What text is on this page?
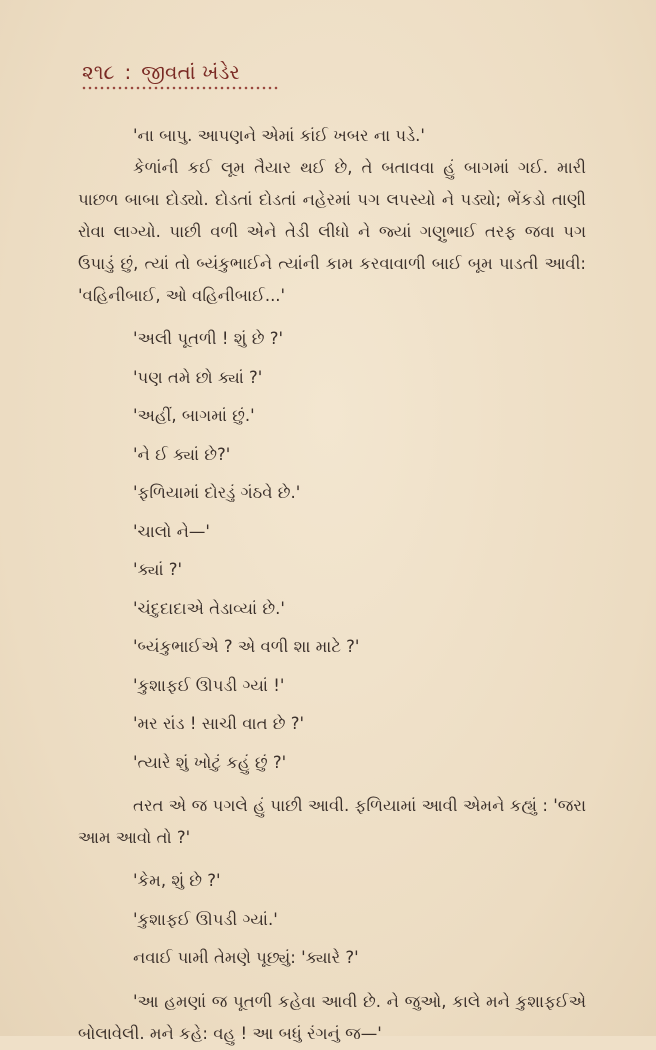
૨૧૮ : જીવતાં ખંડેર

'ના બાપુ. આપણને એમાં કાંઈ ખબર ના પડે.'

કેળાંની કઈ લૂમ તૈયાર થઈ છે, તે બતાવવા હું બાગમાં ગઈ. મારી પાછળ બાબા દોડ્યો. દોડતાં દોડતાં નહેરમાં પગ લપસ્યો ને પડ્યો; ભેંકડો તાણી રોવા લાગ્યો. પાછી વળી એને તેડી લીધો ને જ્યાં ગણુભાઈ તરફ જવા પગ ઉપાડું છું, ત્યાં તો બ્યંકુભાઈને ત્યાંની કામ કરવાવાળી બાઈ બૂમ પાડતી આવી: 'વહિનીબાઈ, ઓ વહિનીબાઈ...'

'અલી પૂતળી ! શું છે ?'

'પણ તમે છો ક્યાં ?'

'અહીં, બાગમાં છું.'

'ને ઈ ક્યાં છે?'

'ફળિયામાં દોરડું ગંઠવે છે.'

'ચાલો ને—'

'ક્યાં ?'

'ચંદુદાદાએ તેડાવ્યાં છે.'

'બ્યંકુભાઈએ ? એ વળી શા માટે ?'

'કુશાફઈ ઊપડી ગ્યાં !'

'મર રાંડ ! સાચી વાત છે ?'

'ત્યારે શું ખોટું કહું છું ?'

તરત એ જ પગલે હું પાછી આવી. ફળિયામાં આવી એમને કહ્યું : 'જરા આમ આવો તો ?'

'કેમ, શું છે ?'

'કુશાફઈ ઊપડી ગ્યાં.'

નવાઈ પામી તેમણે પૂછ્યું: 'ક્યારે ?'

'આ હમણાં જ પૂતળી કહેવા આવી છે. ને જુઓ, કાલે મને કુશાફઈએ બોલાવેલી. મને કહે: વહુ ! આ બધું રંગનું જ—'
